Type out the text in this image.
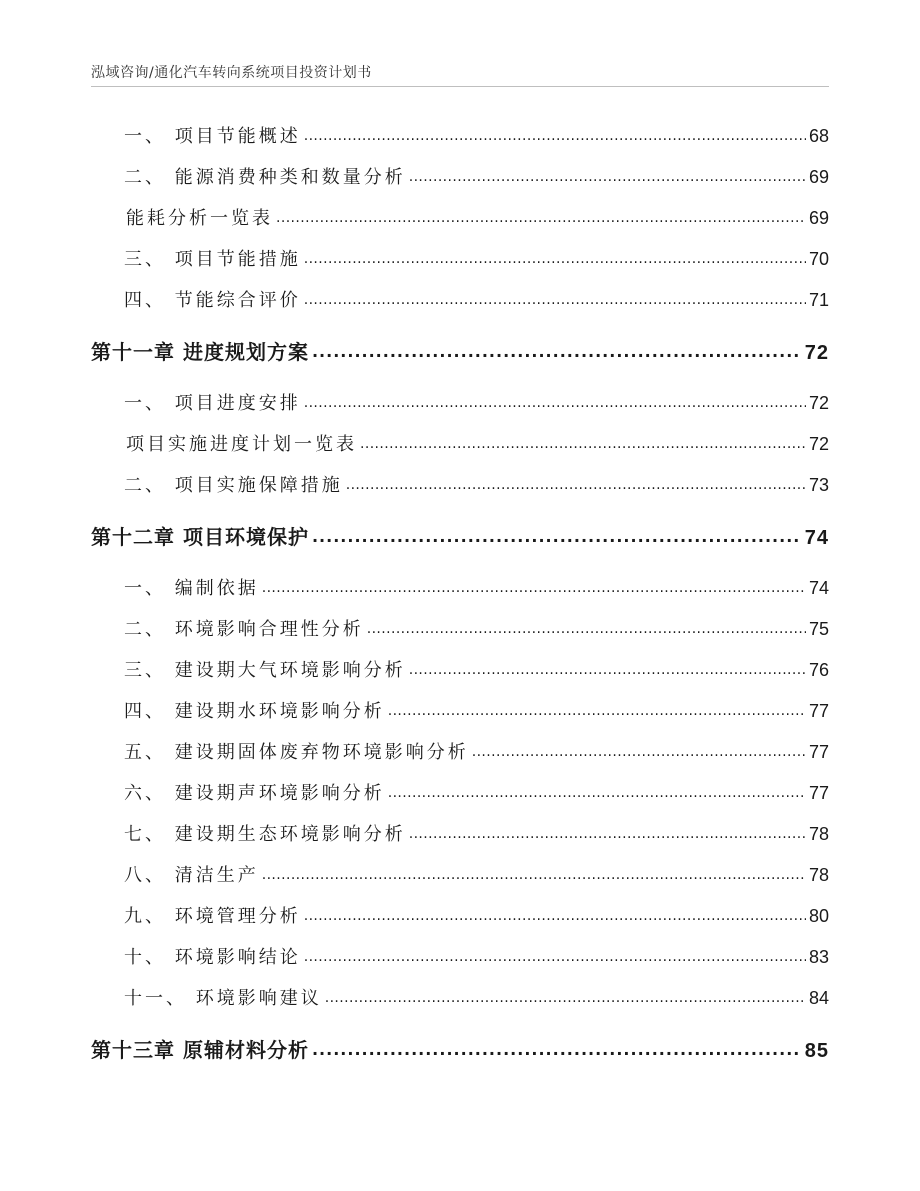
泓域咨询/通化汽车转向系统项目投资计划书
一、 项目节能概述 .....	68
二、 能源消费种类和数量分析 .....	69
能耗分析一览表 .....	69
三、 项目节能措施 .....	70
四、 节能综合评价 .....	71
第十一章 进度规划方案 .....	72
一、 项目进度安排 .....	72
项目实施进度计划一览表 .....	72
二、 项目实施保障措施 .....	73
第十二章 项目环境保护 .....	74
一、 编制依据 .....	74
二、 环境影响合理性分析 .....	75
三、 建设期大气环境影响分析 .....	76
四、 建设期水环境影响分析 .....	77
五、 建设期固体废弃物环境影响分析 .....	77
六、 建设期声环境影响分析 .....	77
七、 建设期生态环境影响分析 .....	78
八、 清洁生产 .....	78
九、 环境管理分析 .....	80
十、 环境影响结论 .....	83
十一、 环境影响建议 .....	84
第十三章 原辅材料分析 .....	85
